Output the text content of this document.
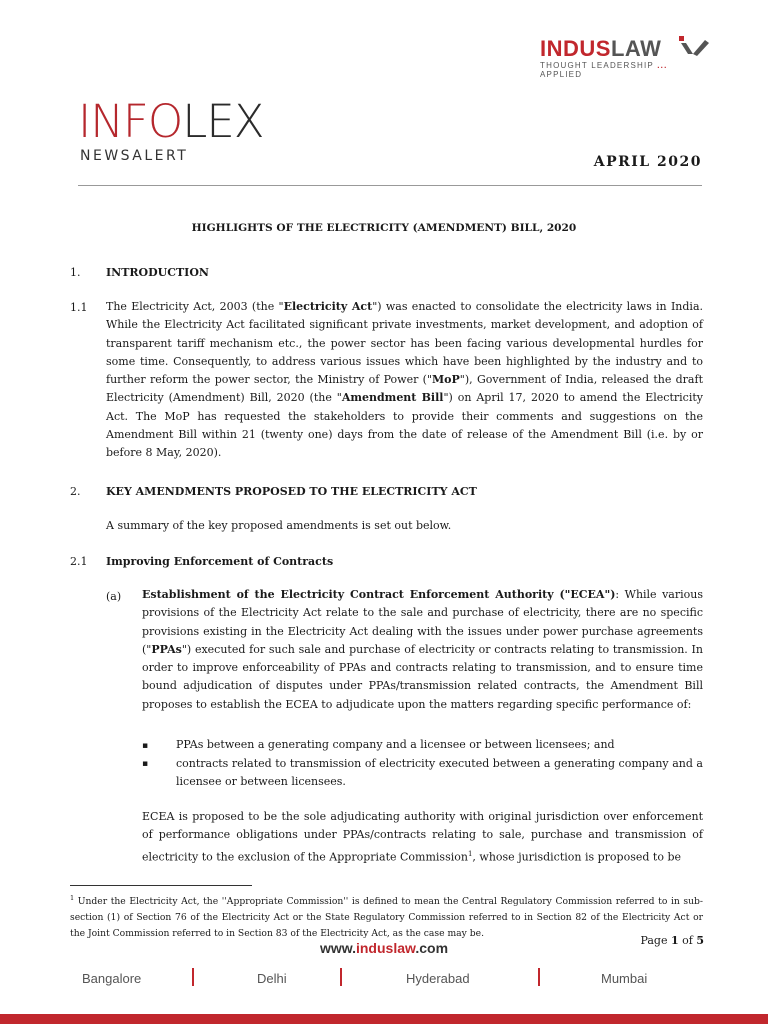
INDUSLAW
THOUGHT LEADERSHIP ... APPLIED
INFOLEX
NEWSALERT	APRIL 2020
HIGHLIGHTS OF THE ELECTRICITY (AMENDMENT) BILL, 2020
1. INTRODUCTION
1.1 The Electricity Act, 2003 (the "Electricity Act") was enacted to consolidate the electricity laws in India. While the Electricity Act facilitated significant private investments, market development, and adoption of transparent tariff mechanism etc., the power sector has been facing various developmental hurdles for some time. Consequently, to address various issues which have been highlighted by the industry and to further reform the power sector, the Ministry of Power ("MoP"), Government of India, released the draft Electricity (Amendment) Bill, 2020 (the "Amendment Bill") on April 17, 2020 to amend the Electricity Act. The MoP has requested the stakeholders to provide their comments and suggestions on the Amendment Bill within 21 (twenty one) days from the date of release of the Amendment Bill (i.e. by or before 8 May, 2020).
2. KEY AMENDMENTS PROPOSED TO THE ELECTRICITY ACT
A summary of the key proposed amendments is set out below.
2.1 Improving Enforcement of Contracts
(a) Establishment of the Electricity Contract Enforcement Authority ("ECEA"): While various provisions of the Electricity Act relate to the sale and purchase of electricity, there are no specific provisions existing in the Electricity Act dealing with the issues under power purchase agreements ("PPAs") executed for such sale and purchase of electricity or contracts relating to transmission. In order to improve enforceability of PPAs and contracts relating to transmission, and to ensure time bound adjudication of disputes under PPAs/transmission related contracts, the Amendment Bill proposes to establish the ECEA to adjudicate upon the matters regarding specific performance of:
▪	PPAs between a generating company and a licensee or between licensees; and
▪	contracts related to transmission of electricity executed between a generating company and a licensee or between licensees.
ECEA is proposed to be the sole adjudicating authority with original jurisdiction over enforcement of performance obligations under PPAs/contracts relating to sale, purchase and transmission of electricity to the exclusion of the Appropriate Commission$^1$, whose jurisdiction is proposed to be
$^1$ Under the Electricity Act, the ''Appropriate Commission'' is defined to mean the Central Regulatory Commission referred to in sub-section (1) of Section 76 of the Electricity Act or the State Regulatory Commission referred to in Section 82 of the Electricity Act or the Joint Commission referred to in Section 83 of the Electricity Act, as the case may be.
Page 1 of 5
www.induslaw.com
Bangalore	Delhi	Hyderabad	Mumbai
